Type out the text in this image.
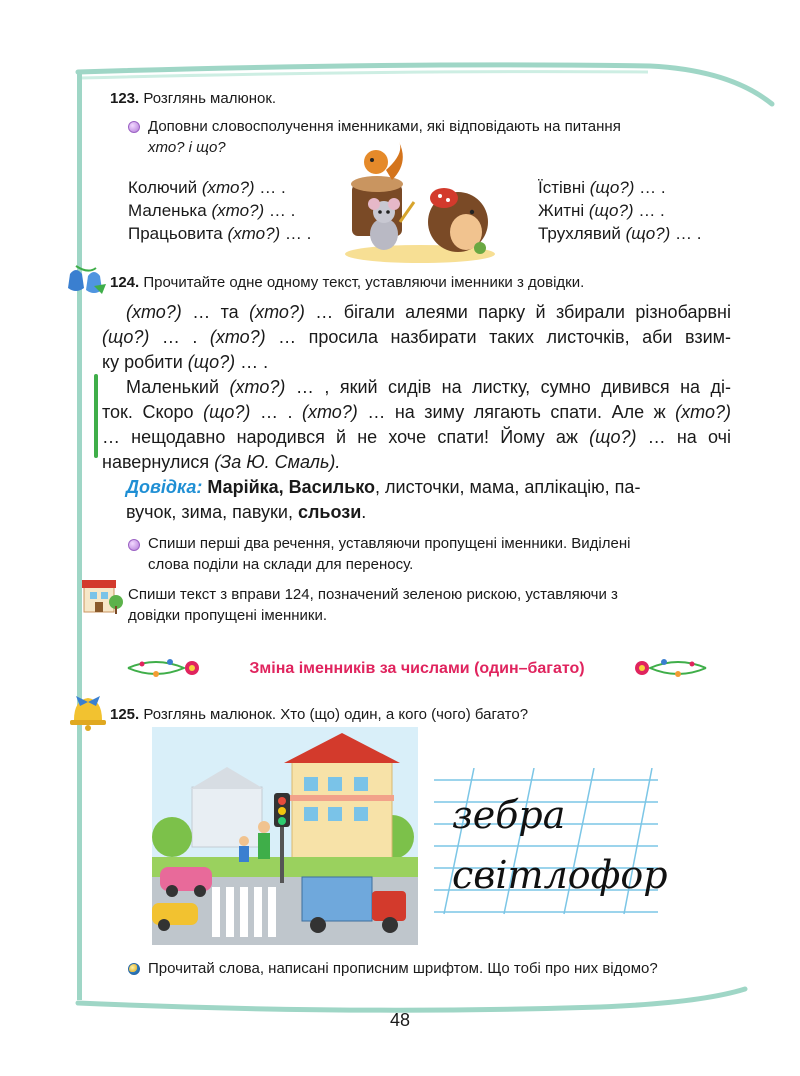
123. Розглянь малюнок.
Доповни словосполучення іменниками, які відповідають на питання
хто? і що?
Колючий (хто?) … .
Маленька (хто?) … .
Працьовита (хто?) … .
Їстівні (що?) … .
Житні (що?) … .
Трухлявий (що?) … .
124. Прочитайте одне одному текст, уставляючи іменники з довідки.
(хто?) … та (хто?) … бігали алеями парку й збирали різнобарвні
(що?) … . (хто?) … просила назбирати таких листочків, аби взим-
ку робити (що?) … .
Маленький (хто?) … , який сидів на листку, сумно дивився на ді-
ток. Скоро (що?) … . (хто?) … на зиму лягають спати. Але ж (хто?)
… нещодавно народився й не хоче спати! Йому аж (що?) … на очі
навернулися (За Ю. Смаль).
Довідка: Марійка, Василько, листочки, мама, аплікацію, па-
вучок, зима, павуки, сльози.
Спиши перші два речення, уставляючи пропущені іменники. Виділені
слова поділи на склади для переносу.
Спиши текст з вправи 124, позначений зеленою рискою, уставляючи з
довідки пропущені іменники.
Зміна іменників за числами (один–багато)
125. Розглянь малюнок. Хто (що) один, а кого (чого) багато?
зебра
світлофор
Прочитай слова, написані прописним шрифтом. Що тобі про них відомо?
48
